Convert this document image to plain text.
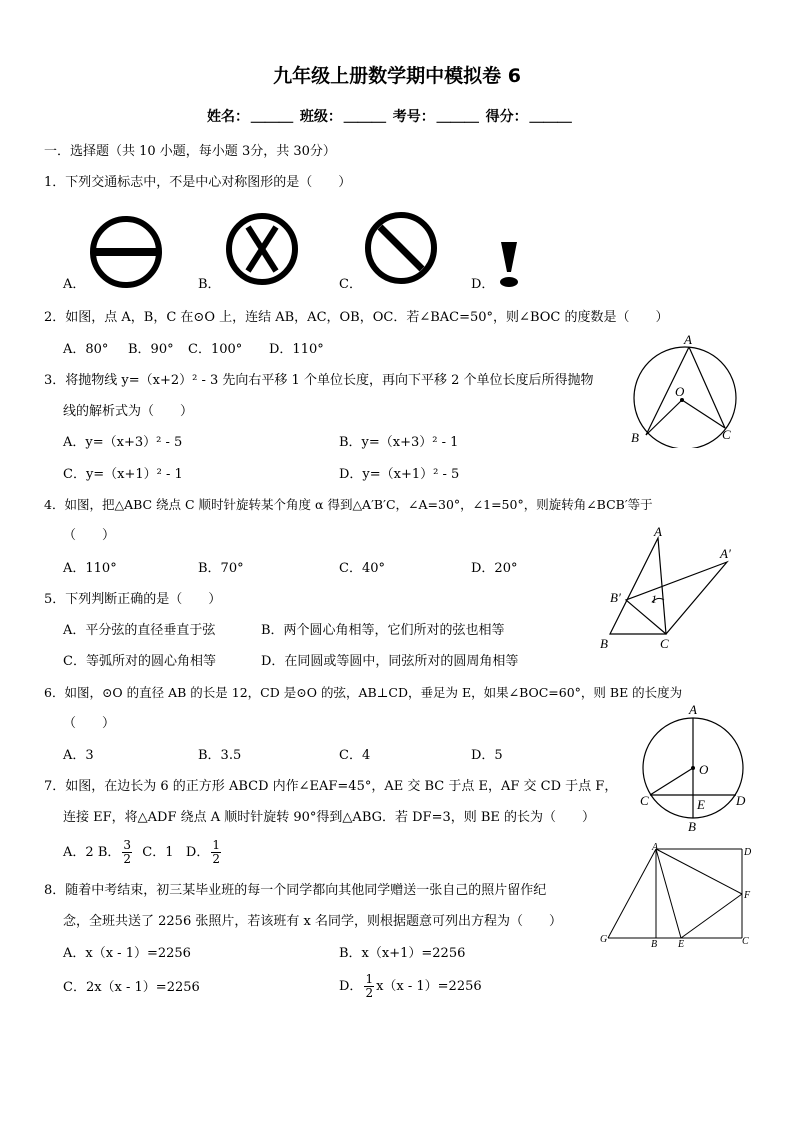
九年级上册数学期中模拟卷 6
姓名： ＿＿＿ 班级： ＿＿＿ 考号： ＿＿＿ 得分： ＿＿＿
一．选择题（共 10 小题，每小题 3分，共 30分）
1．下列交通标志中，不是中心对称图形的是（　　）
A．	B．	C．	D．
2．如图，点 A，B，C 在⊙O 上，连结 AB，AC，OB，OC．若∠BAC=50°，则∠BOC 的度数是（　　）
A．80° B．90° C．100° D．110°
A
O
B	C
3．将抛物线 y=（x+2）² - 3 先向右平移 1 个单位长度，再向下平移 2 个单位长度后所得抛物
线的解析式为（　　）
A．y=（x+3）² - 5	B．y=（x+3）² - 1
C．y=（x+1）² - 1	D．y=（x+1）² - 5
4．如图，把△ABC 绕点 C 顺时针旋转某个角度 α 得到△A′B′C，∠A=30°，∠1=50°，则旋转角∠BCB′等于
（　　）
A．110°	B．70°	C．40°	D．20°
A
A′
B′	1
B	C
5．下列判断正确的是（　　）
A．平分弦的直径垂直于弦	B．两个圆心角相等，它们所对的弦也相等
C．等弧所对的圆心角相等	D．在同圆或等圆中，同弦所对的圆周角相等
6．如图，⊙O 的直径 AB 的长是 12，CD 是⊙O 的弦，AB⊥CD，垂足为 E，如果∠BOC=60°，则 BE 的长度为
（　　）
A．3	B．3.5	C．4	D．5
A
O
C	E D
B
7．如图，在边长为 6 的正方形 ABCD 内作∠EAF=45°，AE 交 BC 于点 E，AF 交 CD 于点 F，
连接 EF，将△ADF 绕点 A 顺时针旋转 90°得到△ABG．若 DF=3，则 BE 的长为（　　）
A．2 B． $\frac{3}{2}$ C．1 D． $\frac{1}{2}$	A	D
F
G	B E	C
8．随着中考结束，初三某毕业班的每一个同学都向其他同学赠送一张自己的照片留作纪
念，全班共送了 2256 张照片，若该班有 x 名同学，则根据题意可列出方程为（　　）
A．x（x - 1）=2256	B．x（x+1）=2256
C．2x（x - 1）=2256	D． $\frac{1}{2} x(x - 1)=2256$
